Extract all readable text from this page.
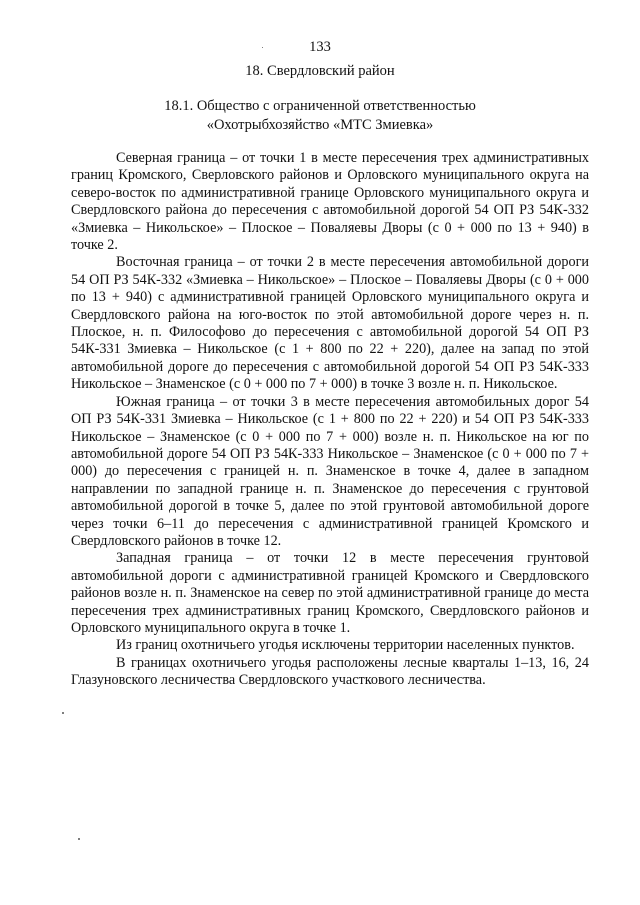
133
18. Свердловский район
18.1. Общество с ограниченной ответственностью
«Охотрыбхозяйство «МТС Змиевка»

Северная граница – от точки 1 в месте пересечения трех административных границ Кромского, Сверловского районов и Орловского муниципального округа на северо-восток по административной границе Орловского муниципального округа и Свердловского района до пересечения с автомобильной дорогой 54 ОП РЗ 54К-332 «Змиевка – Никольское» – Плоское – Поваляевы Дворы (с 0 + 000 по 13 + 940) в точке 2.

Восточная граница – от точки 2 в месте пересечения автомобильной дороги 54 ОП РЗ 54К-332 «Змиевка – Никольское» – Плоское – Поваляевы Дворы (с 0 + 000 по 13 + 940) с административной границей Орловского муниципального округа и Свердловского района на юго-восток по этой автомобильной дороге через н. п. Плоское, н. п. Философово до пересечения с автомобильной дорогой 54 ОП РЗ 54К-331 Змиевка – Никольское (с 1 + 800 по 22 + 220), далее на запад по этой автомобильной дороге до пересечения с автомобильной дорогой 54 ОП РЗ 54К-333 Никольское – Знаменское (с 0 + 000 по 7 + 000) в точке 3 возле н. п. Никольское.

Южная граница – от точки 3 в месте пересечения автомобильных дорог 54 ОП РЗ 54К-331 Змиевка – Никольское (с 1 + 800 по 22 + 220) и 54 ОП РЗ 54К-333 Никольское – Знаменское (с 0 + 000 по 7 + 000) возле н. п. Никольское на юг по автомобильной дороге 54 ОП РЗ 54К-333 Никольское – Знаменское (с 0 + 000 по 7 + 000) до пересечения с границей н. п. Знаменское в точке 4, далее в западном направлении по западной границе н. п. Знаменское до пересечения с грунтовой автомобильной дорогой в точке 5, далее по этой грунтовой автомобильной дороге через точки 6–11 до пересечения с административной границей Кромского и Свердловского районов в точке 12.

Западная граница – от точки 12 в месте пересечения грунтовой автомобильной дороги с административной границей Кромского и Свердловского районов возле н. п. Знаменское на север по этой административной границе до места пересечения трех административных границ Кромского, Свердловского районов и Орловского муниципального округа в точке 1.

Из границ охотничьего угодья исключены территории населенных пунктов.

В границах охотничьего угодья расположены лесные кварталы 1–13, 16, 24 Глазуновского лесничества Свердловского участкового лесничества.
